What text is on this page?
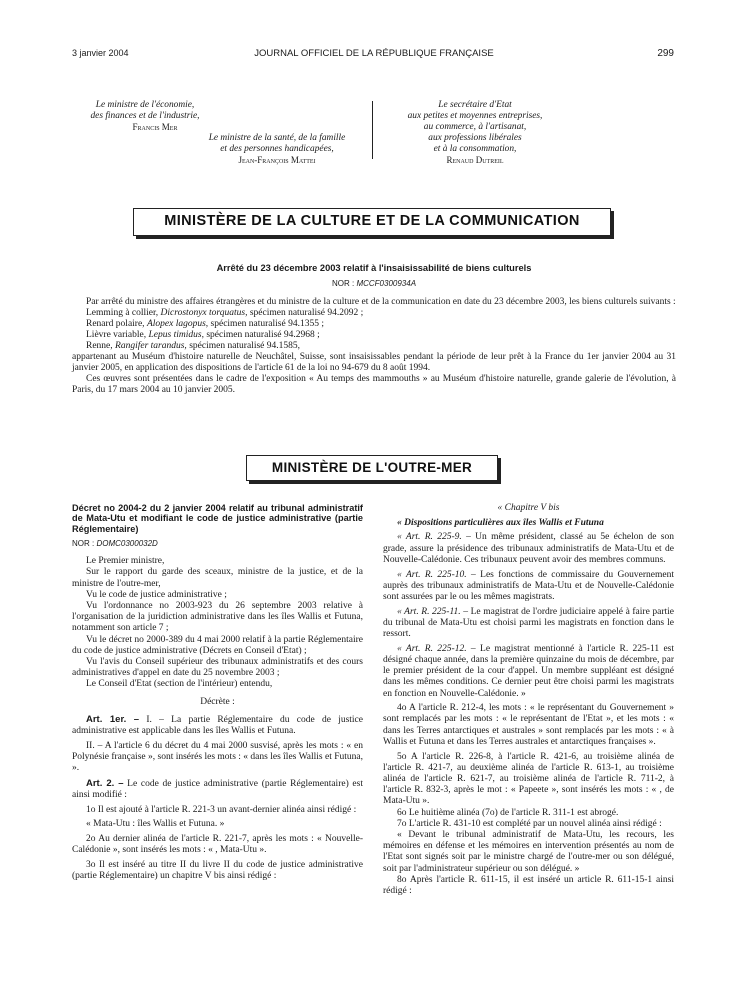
3 janvier 2004	JOURNAL OFFICIEL DE LA RÉPUBLIQUE FRANÇAISE	299
Le ministre de l'économie,
des finances et de l'industrie,
Francis Mer
Le ministre de la santé, de la famille
et des personnes handicapées,
Jean-François Mattei
Le secrétaire d'Etat
aux petites et moyennes entreprises,
au commerce, à l'artisanat,
aux professions libérales
et à la consommation,
Renaud Dutreil
MINISTÈRE DE LA CULTURE ET DE LA COMMUNICATION
Arrêté du 23 décembre 2003 relatif à l'insaisissabilité de biens culturels
NOR : MCCF0300934A

Par arrêté du ministre des affaires étrangères et du ministre de la culture et de la communication en date du 23 décembre 2003, les biens culturels suivants :

Lemming à collier, Dicrostonyx torquatus, spécimen naturalisé 94.2092 ;

Renard polaire, Alopex lagopus, spécimen naturalisé 94.1355 ;

Lièvre variable, Lepus timidus, spécimen naturalisé 94.2968 ;

Renne, Rangifer tarandus, spécimen naturalisé 94.1585,

appartenant au Muséum d'histoire naturelle de Neuchâtel, Suisse, sont insaisissables pendant la période de leur prêt à la France du 1er janvier 2004 au 31 janvier 2005, en application des dispositions de l'article 61 de la loi no 94-679 du 8 août 1994.

Ces œuvres sont présentées dans le cadre de l'exposition « Au temps des mammouths » au Muséum d'histoire naturelle, grande galerie de l'évolution, à Paris, du 17 mars 2004 au 10 janvier 2005.

MINISTÈRE DE L'OUTRE-MER

Décret no 2004-2 du 2 janvier 2004 relatif au tribunal administratif de Mata-Utu et modifiant le code de justice administrative (partie Réglementaire)

NOR : DOMC0300032D

Le Premier ministre,

Sur le rapport du garde des sceaux, ministre de la justice, et de la ministre de l'outre-mer,

Vu le code de justice administrative ;

Vu l'ordonnance no 2003-923 du 26 septembre 2003 relative à l'organisation de la juridiction administrative dans les îles Wallis et Futuna, notamment son article 7 ;

Vu le décret no 2000-389 du 4 mai 2000 relatif à la partie Réglementaire du code de justice administrative (Décrets en Conseil d'Etat) ;

Vu l'avis du Conseil supérieur des tribunaux administratifs et des cours administratives d'appel en date du 25 novembre 2003 ;

Le Conseil d'Etat (section de l'intérieur) entendu,

Décrète :

Art. 1er. – I. – La partie Réglementaire du code de justice administrative est applicable dans les îles Wallis et Futuna.

II. – A l'article 6 du décret du 4 mai 2000 susvisé, après les mots : « en Polynésie française », sont insérés les mots : « dans les îles Wallis et Futuna, ».

Art. 2. – Le code de justice administrative (partie Réglementaire) est ainsi modifié :

1o Il est ajouté à l'article R. 221-3 un avant-dernier alinéa ainsi rédigé :

« Mata-Utu : îles Wallis et Futuna. »

2o Au dernier alinéa de l'article R. 221-7, après les mots : « Nouvelle-Calédonie », sont insérés les mots : « , Mata-Utu ».

3o Il est inséré au titre II du livre II du code de justice administrative (partie Réglementaire) un chapitre V bis ainsi rédigé :

« Chapitre V bis

« Dispositions particulières aux îles Wallis et Futuna

« Art. R. 225-9. – Un même président, classé au 5e échelon de son grade, assure la présidence des tribunaux administratifs de Mata-Utu et de Nouvelle-Calédonie. Ces tribunaux peuvent avoir des membres communs.

« Art. R. 225-10. – Les fonctions de commissaire du Gouvernement auprès des tribunaux administratifs de Mata-Utu et de Nouvelle-Calédonie sont assurées par le ou les mêmes magistrats.

« Art. R. 225-11. – Le magistrat de l'ordre judiciaire appelé à faire partie du tribunal de Mata-Utu est choisi parmi les magistrats en fonction dans le ressort.

« Art. R. 225-12. – Le magistrat mentionné à l'article R. 225-11 est désigné chaque année, dans la première quinzaine du mois de décembre, par le premier président de la cour d'appel. Un membre suppléant est désigné dans les mêmes conditions. Ce dernier peut être choisi parmi les magistrats en fonction en Nouvelle-Calédonie. »

4o A l'article R. 212-4, les mots : « le représentant du Gouvernement » sont remplacés par les mots : « le représentant de l'Etat », et les mots : « dans les Terres antarctiques et australes » sont remplacés par les mots : « à Wallis et Futuna et dans les Terres australes et antarctiques françaises ».

5o A l'article R. 226-8, à l'article R. 421-6, au troisième alinéa de l'article R. 421-7, au deuxième alinéa de l'article R. 613-1, au troisième alinéa de l'article R. 621-7, au troisième alinéa de l'article R. 711-2, à l'article R. 832-3, après le mot : « Papeete », sont insérés les mots : « , de Mata-Utu ».

6o Le huitième alinéa (7o) de l'article R. 311-1 est abrogé.

7o L'article R. 431-10 est complété par un nouvel alinéa ainsi rédigé :

« Devant le tribunal administratif de Mata-Utu, les recours, les mémoires en défense et les mémoires en intervention présentés au nom de l'Etat sont signés soit par le ministre chargé de l'outre-mer ou son délégué, soit par l'administrateur supérieur ou son délégué. »

8o Après l'article R. 611-15, il est inséré un article R. 611-15-1 ainsi rédigé :
